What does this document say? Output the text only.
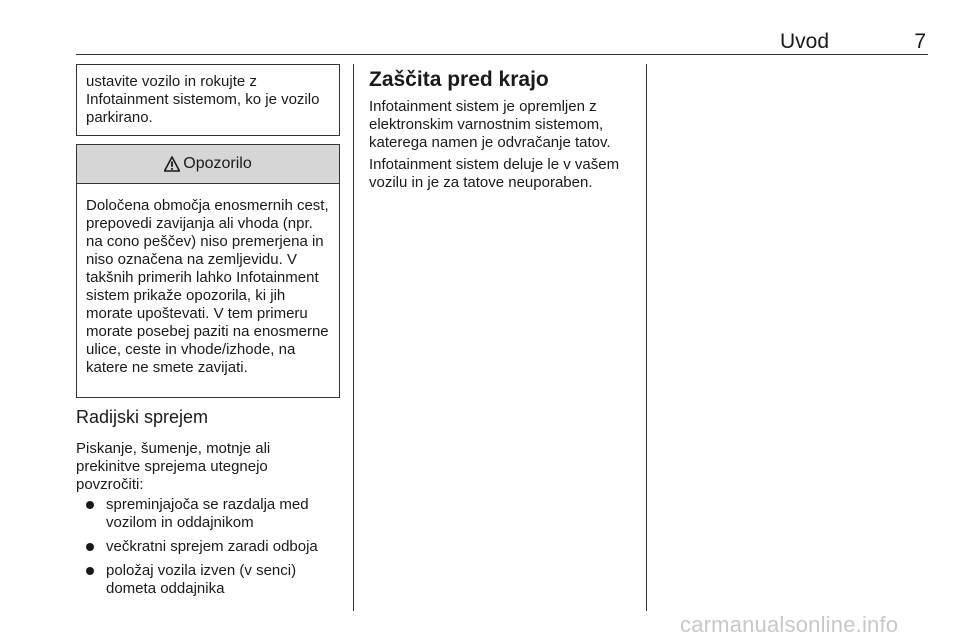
Uvod	7
ustavite vozilo in rokujte z Infotainment sistemom, ko je vozilo parkirano.
Opozorilo
Določena območja enosmernih cest, prepovedi zavijanja ali vhoda (npr. na cono peščev) niso premerjena in niso označena na zemljevidu. V takšnih primerih lahko Infotainment sistem prikaže opozorila, ki jih morate upoštevati. V tem primeru morate posebej paziti na enosmerne ulice, ceste in vhode/izhode, na katere ne smete zavijati.
Radijski sprejem
Piskanje, šumenje, motnje ali prekinitve sprejema utegnejo povzročiti:
spreminjajoča se razdalja med vozilom in oddajnikom
večkratni sprejem zaradi odboja
položaj vozila izven (v senci) dometa oddajnika
Zaščita pred krajo
Infotainment sistem je opremljen z elektronskim varnostnim sistemom, katerega namen je odvračanje tatov.
Infotainment sistem deluje le v vašem vozilu in je za tatove neuporaben.
carmanualsonline.info
